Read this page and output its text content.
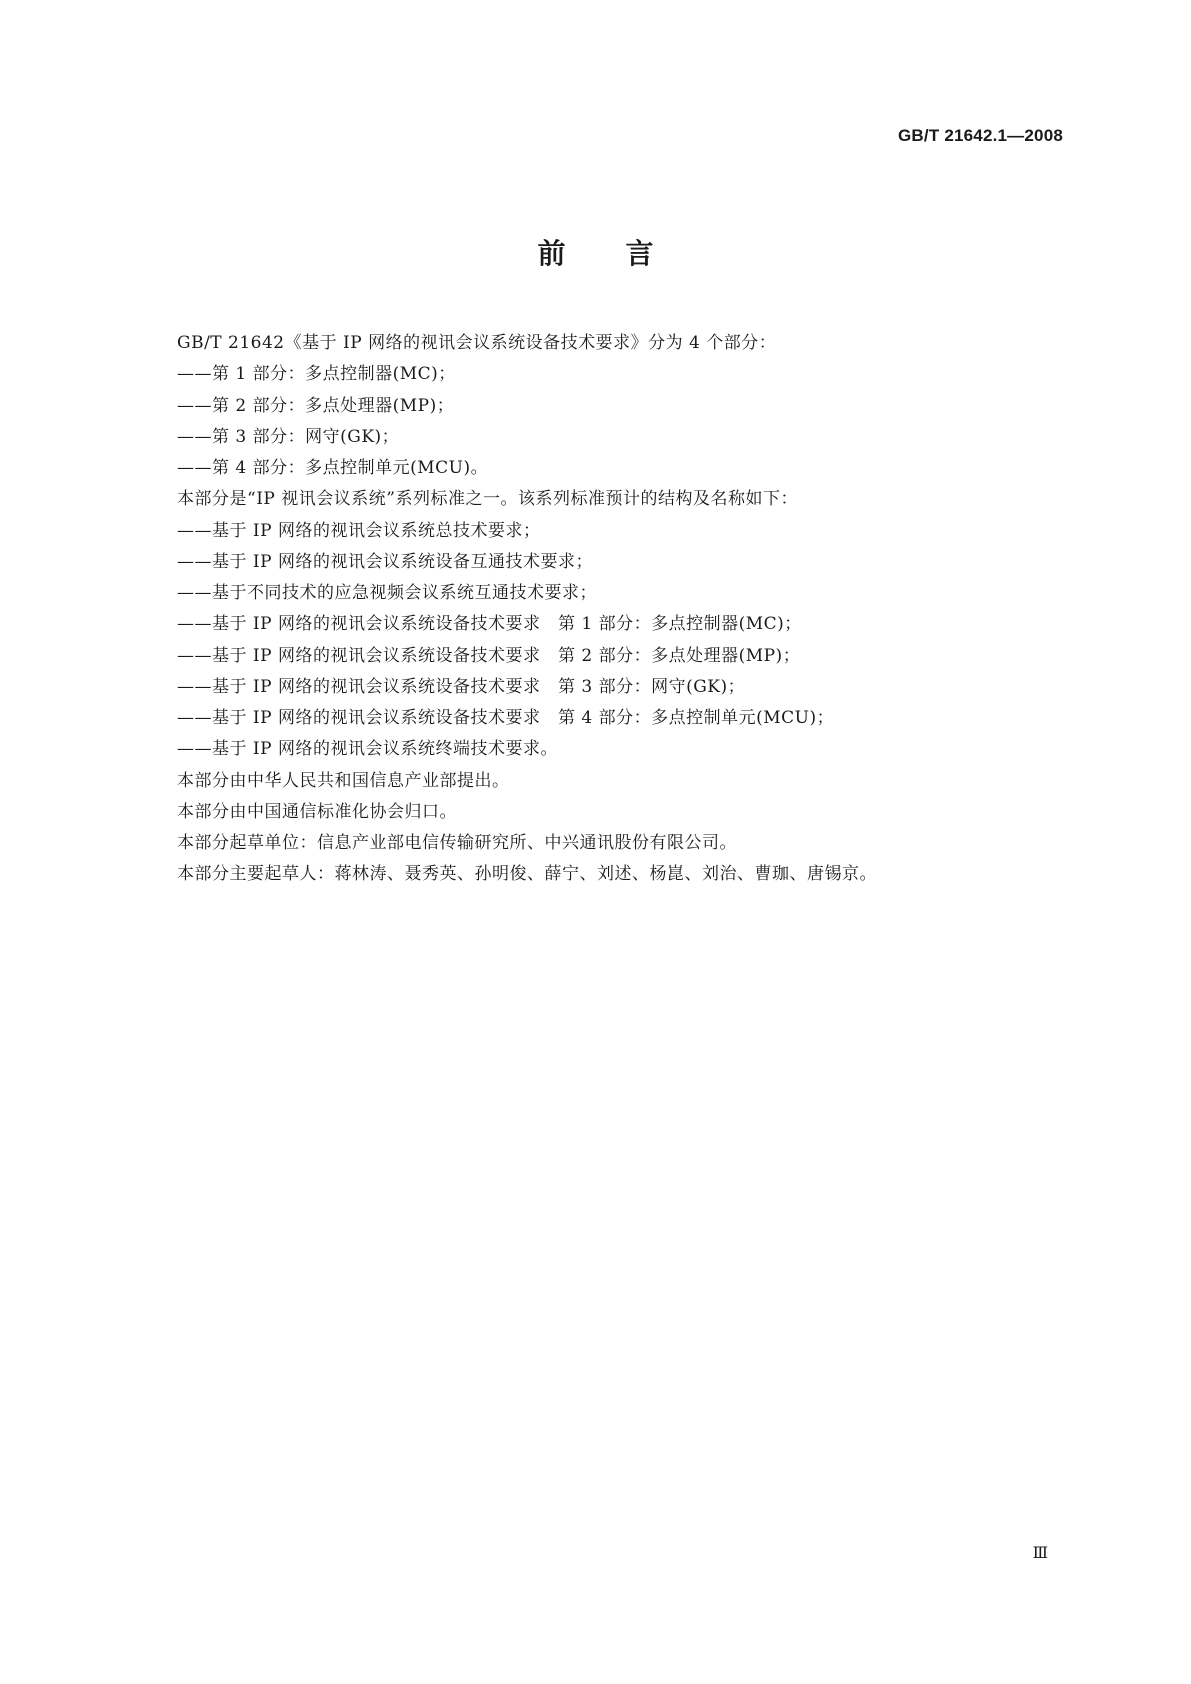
GB/T 21642.1—2008
前言
GB/T 21642《基于 IP 网络的视讯会议系统设备技术要求》分为 4 个部分：
——第 1 部分：多点控制器(MC)；
——第 2 部分：多点处理器(MP)；
——第 3 部分：网守(GK)；
——第 4 部分：多点控制单元(MCU)。
本部分是“IP 视讯会议系统”系列标准之一。该系列标准预计的结构及名称如下：
——基于 IP 网络的视讯会议系统总技术要求；
——基于 IP 网络的视讯会议系统设备互通技术要求；
——基于不同技术的应急视频会议系统互通技术要求；
——基于 IP 网络的视讯会议系统设备技术要求　第 1 部分：多点控制器(MC)；
——基于 IP 网络的视讯会议系统设备技术要求　第 2 部分：多点处理器(MP)；
——基于 IP 网络的视讯会议系统设备技术要求　第 3 部分：网守(GK)；
——基于 IP 网络的视讯会议系统设备技术要求　第 4 部分：多点控制单元(MCU)；
——基于 IP 网络的视讯会议系统终端技术要求。
本部分由中华人民共和国信息产业部提出。
本部分由中国通信标准化协会归口。
本部分起草单位：信息产业部电信传输研究所、中兴通讯股份有限公司。
本部分主要起草人：蒋林涛、聂秀英、孙明俊、薛宁、刘述、杨崑、刘治、曹珈、唐锡京。
Ⅲ
